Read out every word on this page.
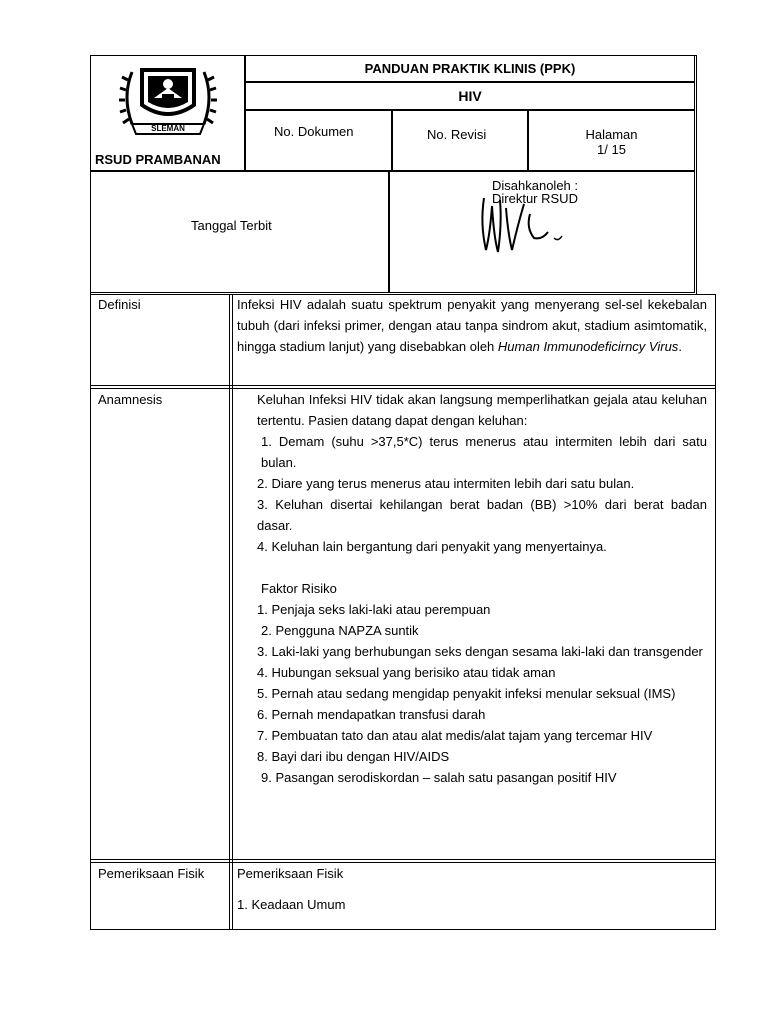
SLEMAN
RSUD PRAMBANAN
PANDUAN PRAKTIK KLINIS (PPK)
HIV
No. Dokumen	No. Revisi	Halaman
1/ 15
Tanggal Terbit
Disahkanoleh :
Direktur RSUD
Definisi	Infeksi HIV adalah suatu spektrum penyakit yang menyerang sel-sel kekebalan tubuh (dari infeksi primer, dengan atau tanpa sindrom akut, stadium asimtomatik, hingga stadium lanjut) yang disebabkan oleh Human Immunodeficirncy Virus.
Anamnesis	Keluhan Infeksi HIV tidak akan langsung memperlihatkan gejala atau keluhan tertentu. Pasien datang dapat dengan keluhan:
1. Demam (suhu >37,5*C) terus menerus atau intermiten lebih dari satu bulan.
2. Diare yang terus menerus atau intermiten lebih dari satu bulan.
3. Keluhan disertai kehilangan berat badan (BB) >10% dari berat badan dasar.
4. Keluhan lain bergantung dari penyakit yang menyertainya.
Faktor Risiko
1. Penjaja seks laki-laki atau perempuan
2. Pengguna NAPZA suntik
3. Laki-laki yang berhubungan seks dengan sesama laki-laki dan transgender
4. Hubungan seksual yang berisiko atau tidak aman
5. Pernah atau sedang mengidap penyakit infeksi menular seksual (IMS)
6. Pernah mendapatkan transfusi darah
7. Pembuatan tato dan atau alat medis/alat tajam yang tercemar HIV
8. Bayi dari ibu dengan HIV/AIDS
9. Pasangan serodiskordan – salah satu pasangan positif HIV
Pemeriksaan Fisik	Pemeriksaan Fisik
1. Keadaan Umum
